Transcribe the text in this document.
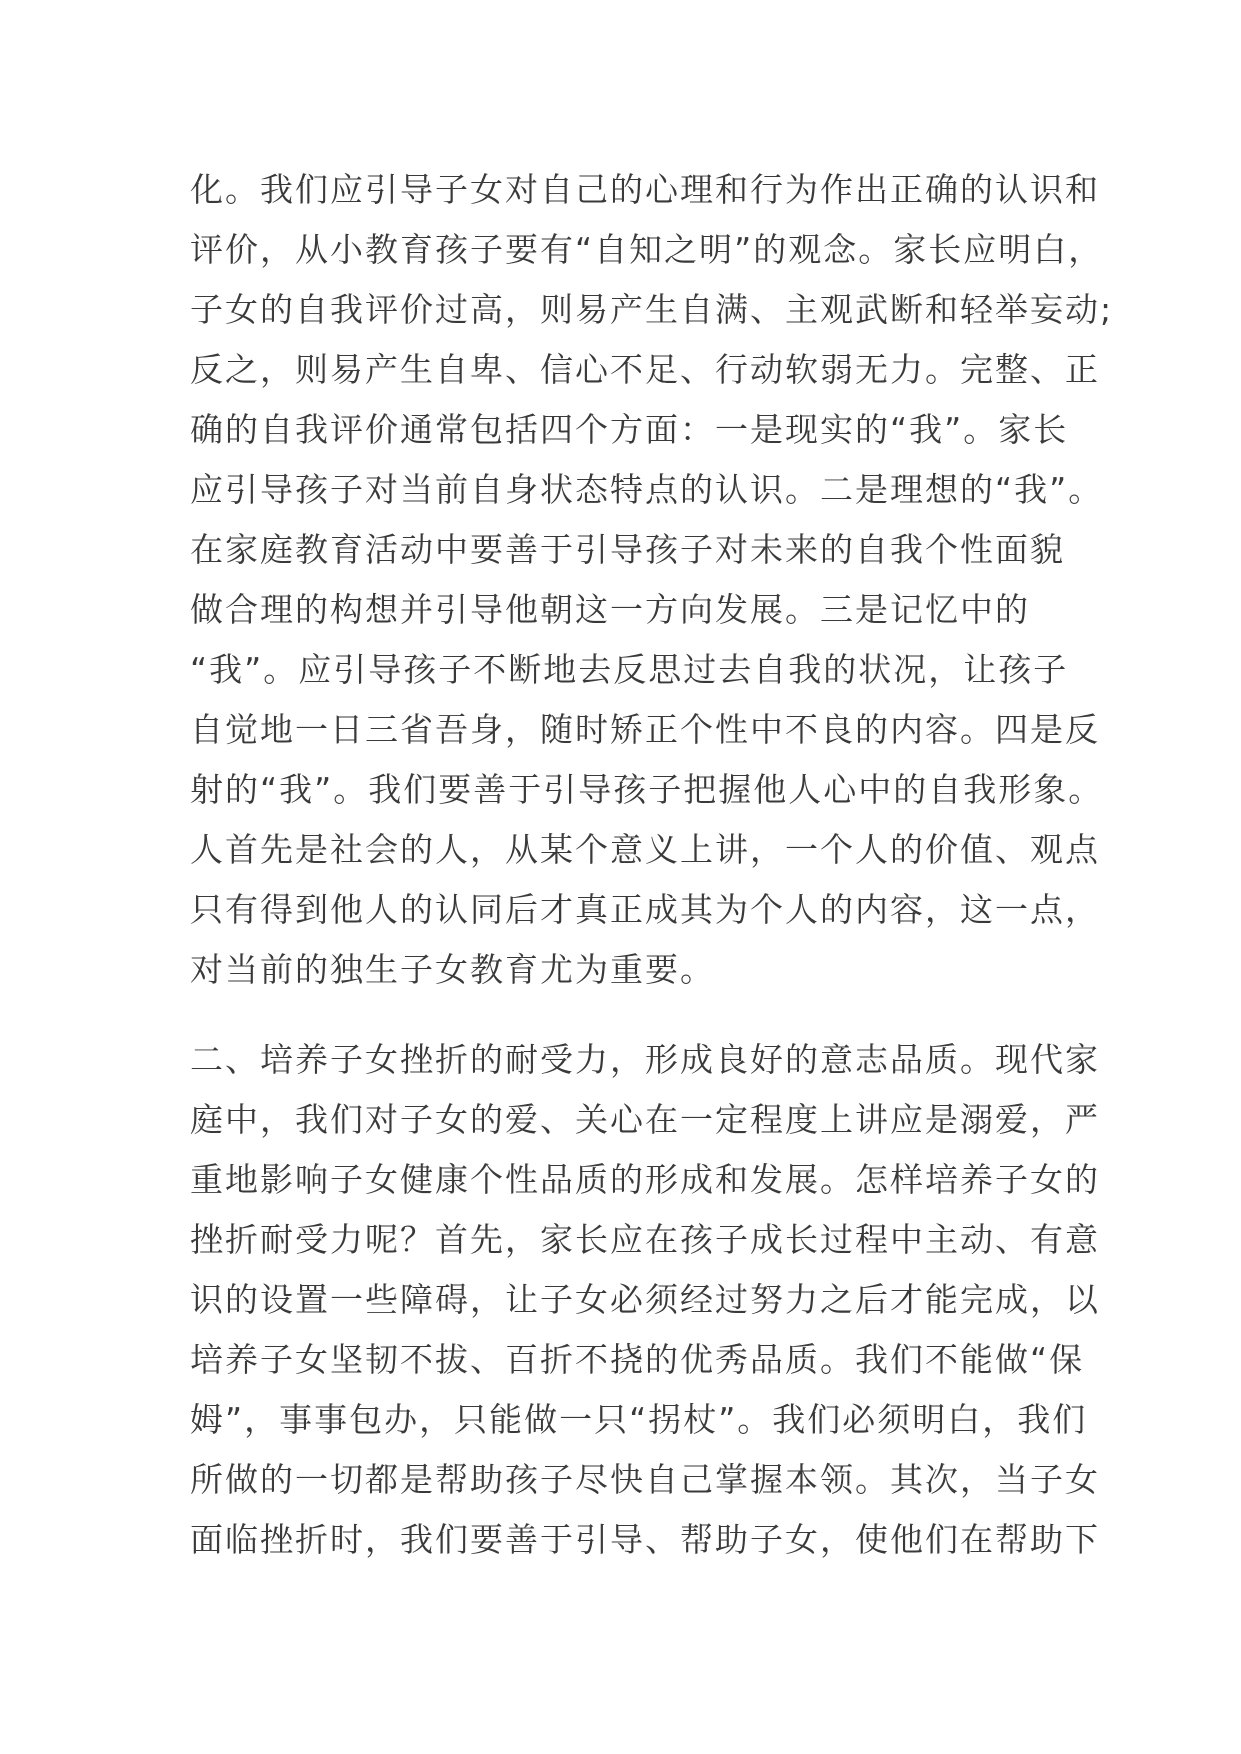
化。我们应引导子女对自己的心理和行为作出正确的认识和
评价，从小教育孩子要有“自知之明”的观念。家长应明白，
子女的自我评价过高，则易产生自满、主观武断和轻举妄动;
反之，则易产生自卑、信心不足、行动软弱无力。完整、正
确的自我评价通常包括四个方面：一是现实的“我”。家长
应引导孩子对当前自身状态特点的认识。二是理想的“我”。
在家庭教育活动中要善于引导孩子对未来的自我个性面貌
做合理的构想并引导他朝这一方向发展。三是记忆中的
“我”。应引导孩子不断地去反思过去自我的状况，让孩子
自觉地一日三省吾身，随时矫正个性中不良的内容。四是反
射的“我”。我们要善于引导孩子把握他人心中的自我形象。
人首先是社会的人，从某个意义上讲，一个人的价值、观点
只有得到他人的认同后才真正成其为个人的内容，这一点，
对当前的独生子女教育尤为重要。
二、培养子女挫折的耐受力，形成良好的意志品质。现代家
庭中，我们对子女的爱、关心在一定程度上讲应是溺爱，严
重地影响子女健康个性品质的形成和发展。怎样培养子女的
挫折耐受力呢？首先，家长应在孩子成长过程中主动、有意
识的设置一些障碍，让子女必须经过努力之后才能完成，以
培养子女坚韧不拔、百折不挠的优秀品质。我们不能做“保
姆”，事事包办，只能做一只“拐杖”。我们必须明白，我们
所做的一切都是帮助孩子尽快自己掌握本领。其次，当子女
面临挫折时，我们要善于引导、帮助子女，使他们在帮助下
